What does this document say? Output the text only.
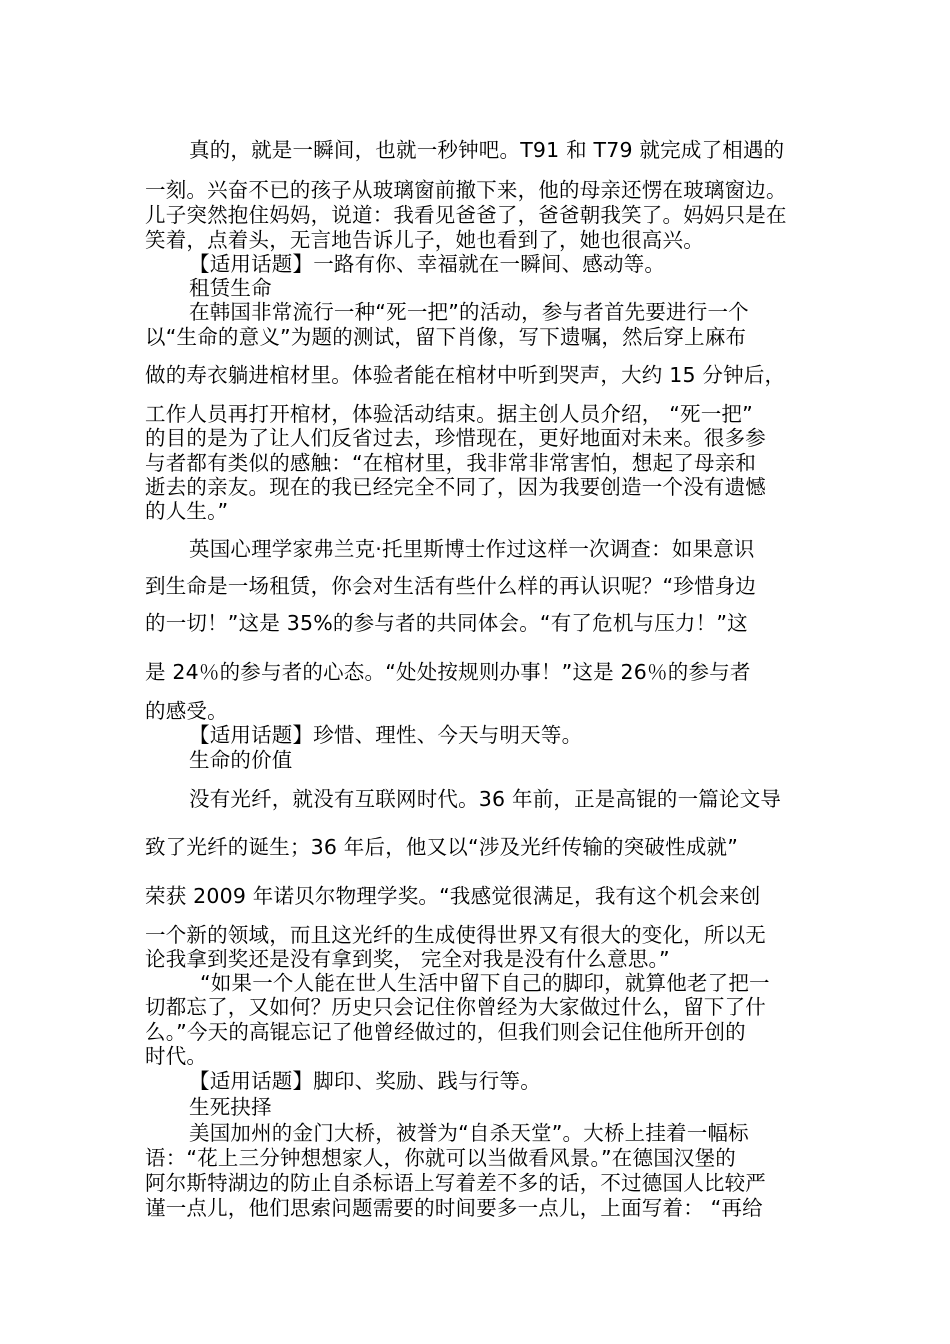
真的，就是一瞬间，也就一秒钟吧。T91 和 T79 就完成了相遇的
一刻。兴奋不已的孩子从玻璃窗前撤下来，他的母亲还愣在玻璃窗边。
儿子突然抱住妈妈，说道：我看见爸爸了，爸爸朝我笑了。妈妈只是在
笑着，点着头，无言地告诉儿子，她也看到了，她也很高兴。
【适用话题】一路有你、幸福就在一瞬间、感动等。
租赁生命
在韩国非常流行一种“死一把”的活动，参与者首先要进行一个
以“生命的意义”为题的测试，留下肖像，写下遗嘱，然后穿上麻布
做的寿衣躺进棺材里。体验者能在棺材中听到哭声，大约 15 分钟后，
工作人员再打开棺材，体验活动结束。据主创人员介绍， “死一把”
的目的是为了让人们反省过去，珍惜现在，更好地面对未来。很多参
与者都有类似的感触：“在棺材里，我非常非常害怕，想起了母亲和
逝去的亲友。现在的我已经完全不同了，因为我要创造一个没有遗憾
的人生。”
英国心理学家弗兰克·托里斯博士作过这样一次调查：如果意识
到生命是一场租赁，你会对生活有些什么样的再认识呢？“珍惜身边
的一切！”这是 35%的参与者的共同体会。“有了危机与压力！”这
是 24％的参与者的心态。“处处按规则办事！”这是 26％的参与者
的感受。
【适用话题】珍惜、理性、今天与明天等。
生命的价值
没有光纤，就没有互联网时代。36 年前，正是高锟的一篇论文导
致了光纤的诞生；36 年后，他又以“涉及光纤传输的突破性成就”
荣获 2009 年诺贝尔物理学奖。“我感觉很满足，我有这个机会来创
一个新的领域，而且这光纤的生成使得世界又有很大的变化，所以无
论我拿到奖还是没有拿到奖， 完全对我是没有什么意思。”
“如果一个人能在世人生活中留下自己的脚印，就算他老了把一
切都忘了，又如何？历史只会记住你曾经为大家做过什么，留下了什
么。”今天的高锟忘记了他曾经做过的，但我们则会记住他所开创的
时代。
【适用话题】脚印、奖励、践与行等。
生死抉择
美国加州的金门大桥，被誉为“自杀天堂”。大桥上挂着一幅标
语：“花上三分钟想想家人，你就可以当做看风景。”在德国汉堡的
阿尔斯特湖边的防止自杀标语上写着差不多的话，不过德国人比较严
谨一点儿，他们思索问题需要的时间要多一点儿，上面写着： “再给
